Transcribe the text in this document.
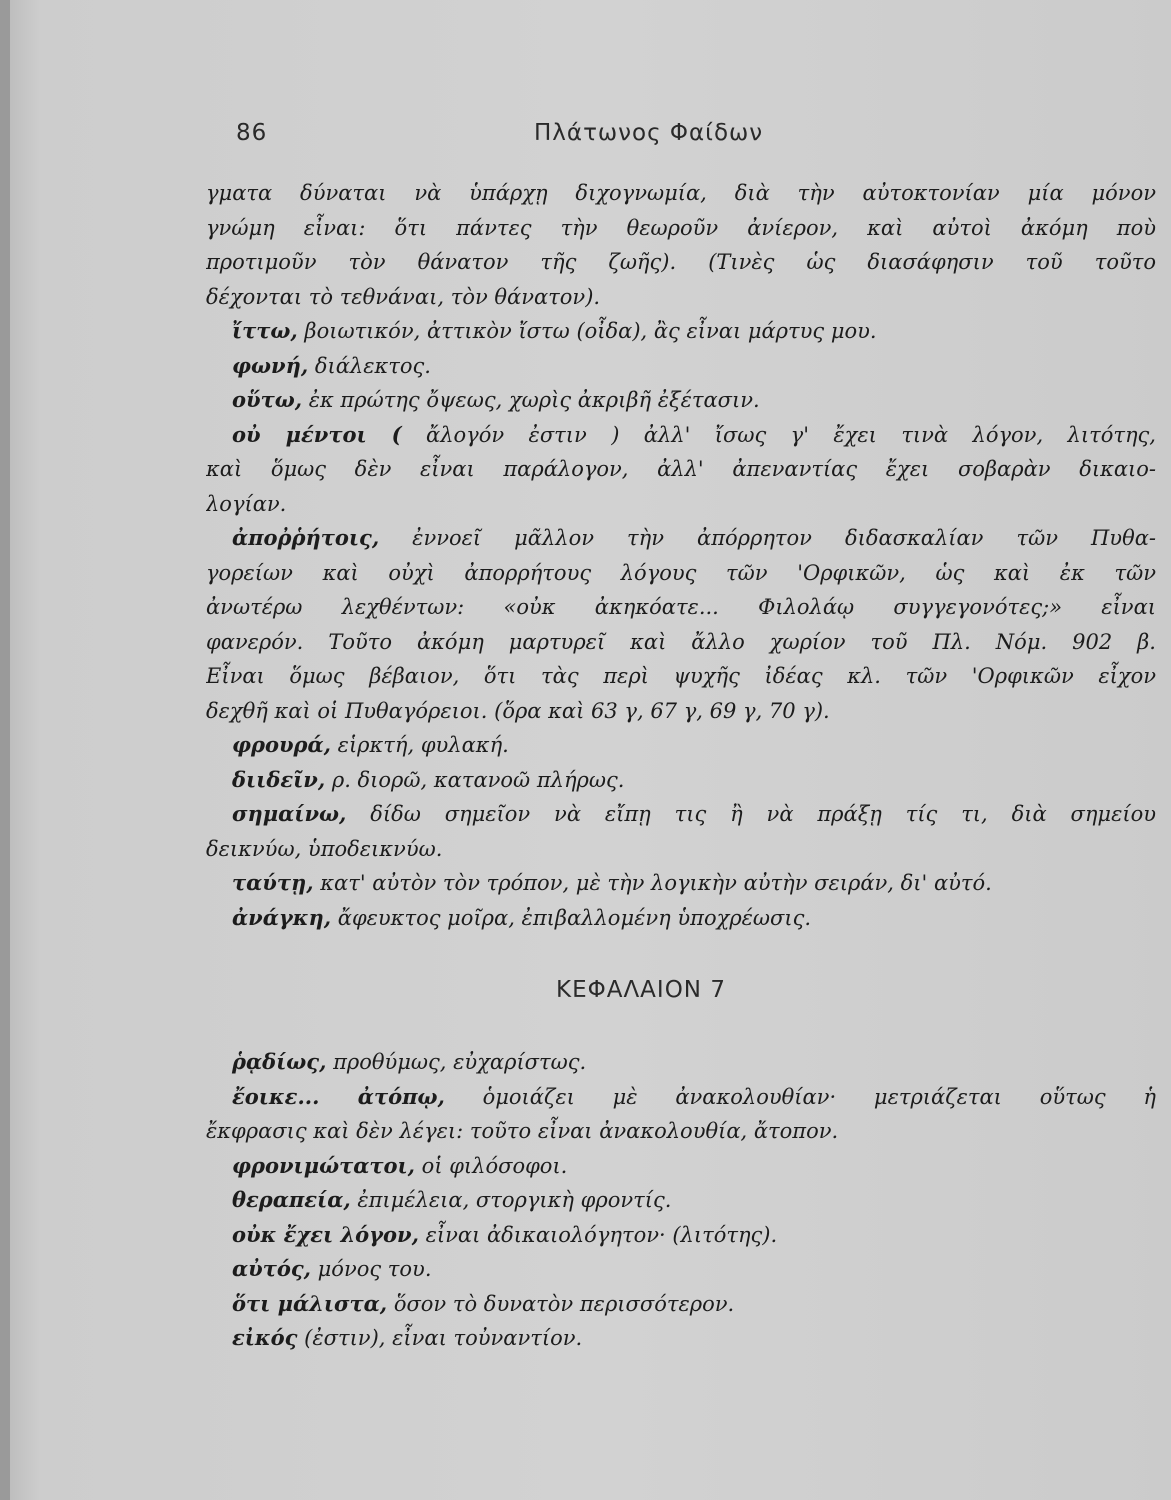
86	Πλάτωνος Φαίδων
γματα δύναται νὰ ὑπάρχῃ διχογνωμία, διὰ τὴν αὐτοκτονίαν μία μόνον
γνώμη εἶναι: ὅτι πάντες τὴν θεωροῦν ἀνίερον, καὶ αὐτοὶ ἀκόμη ποὺ
προτιμοῦν τὸν θάνατον τῆς ζωῆς). (Τινὲς ὡς διασάφησιν τοῦ τοῦτο
δέχονται τὸ τεθνάναι, τὸν θάνατον).
ἴττω, βοιωτικόν, ἀττικὸν ἴστω (οἶδα), ἂς εἶναι μάρτυς μου.
φωνή, διάλεκτος.
οὕτω, ἐκ πρώτης ὄψεως, χωρὶς ἀκριβῆ ἐξέτασιν.
οὐ μέντοι ( ἄλογόν ἐστιν ) ἀλλ' ἴσως γ' ἔχει τινὰ λόγον, λιτότης,
καὶ ὅμως δὲν εἶναι παράλογον, ἀλλ' ἀπεναντίας ἔχει σοβαρὰν δικαιο-
λογίαν.
ἀποῤῥήτοις, ἐννοεῖ μᾶλλον τὴν ἀπόρρητον διδασκαλίαν τῶν Πυθα-
γορείων καὶ οὐχὶ ἀπορρήτους λόγους τῶν 'Ορφικῶν, ὡς καὶ ἐκ τῶν
ἀνωτέρω λεχθέντων: «οὐκ ἀκηκόατε... Φιλολάῳ συγγεγονότες;» εἶναι
φανερόν. Τοῦτο ἀκόμη μαρτυρεῖ καὶ ἄλλο χωρίον τοῦ Πλ. Νόμ. 902 β.
Εἶναι ὅμως βέβαιον, ὅτι τὰς περὶ ψυχῆς ἰδέας κλ. τῶν 'Ορφικῶν εἶχον
δεχθῆ καὶ οἱ Πυθαγόρειοι. (ὅρα καὶ 63 γ, 67 γ, 69 γ, 70 γ).
φρουρά, εἱρκτή, φυλακή.
διιδεῖν, ρ. διορῶ, κατανοῶ πλήρως.
σημαίνω, δίδω σημεῖον νὰ εἴπῃ τις ἢ νὰ πράξῃ τίς τι, διὰ σημείου
δεικνύω, ὑποδεικνύω.
ταύτῃ, κατ' αὐτὸν τὸν τρόπον, μὲ τὴν λογικὴν αὐτὴν σειράν, δι' αὐτό.
ἀνάγκη, ἄφευκτος μοῖρα, ἐπιβαλλομένη ὑποχρέωσις.
ΚΕΦΑΛΑΙΟΝ 7
ῥᾳδίως, προθύμως, εὐχαρίστως.
ἔοικε... ἀτόπῳ, ὁμοιάζει μὲ ἀνακολουθίαν· μετριάζεται οὕτως ἡ
ἔκφρασις καὶ δὲν λέγει: τοῦτο εἶναι ἀνακολουθία, ἄτοπον.
φρονιμώτατοι, οἱ φιλόσοφοι.
θεραπεία, ἐπιμέλεια, στοργικὴ φροντίς.
οὐκ ἔχει λόγον, εἶναι ἀδικαιολόγητον· (λιτότης).
αὐτός, μόνος του.
ὅτι μάλιστα, ὅσον τὸ δυνατὸν περισσότερον.
εἰκός (ἐστιν), εἶναι τοὐναντίον.
